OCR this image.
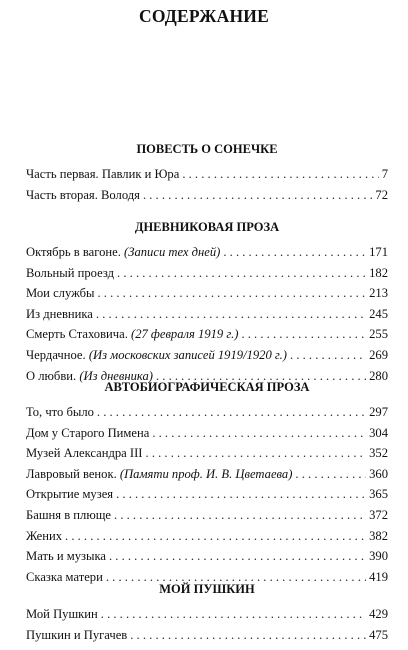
СОДЕРЖАНИЕ
ПОВЕСТЬ О СОНЕЧКЕ
Часть первая. Павлик и Юра . . .	7
Часть вторая. Володя . . .	72
ДНЕВНИКОВАЯ ПРОЗА
Октябрь в вагоне. (Записи тех дней) . . .	171
Вольный проезд . . .	182
Мои службы . . .	213
Из дневника . . .	245
Смерть Стаховича. (27 февраля 1919 г.) . . .	255
Чердачное. (Из московских записей 1919/1920 г.) . . .	269
О любви. (Из дневника) . . .	280
АВТОБИОГРАФИЧЕСКАЯ ПРОЗА
То, что было . . .	297
Дом у Старого Пимена . . .	304
Музей Александра III . . .	352
Лавровый венок. (Памяти проф. И. В. Цветаева) . . .	360
Открытие музея . . .	365
Башня в плюще . . .	372
Жених . . .	382
Мать и музыка . . .	390
Сказка матери . . .	419
МОЙ ПУШКИН
Мой Пушкин . . .	429
Пушкин и Пугачев . . .	475
